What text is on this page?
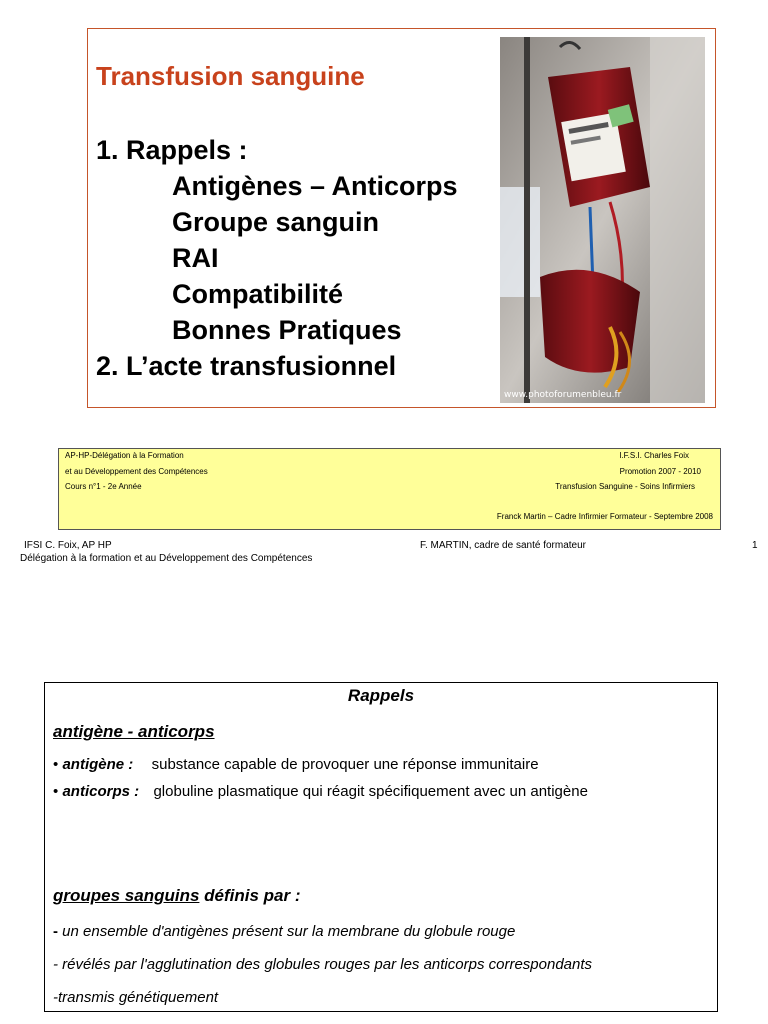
Transfusion sanguine
1. Rappels :
Antigènes – Anticorps
Groupe sanguin
RAI
Compatibilité
Bonnes Pratiques
2. L’acte transfusionnel
www.photoforumenbleu.fr
AP-HP-Délégation à la Formation
et au Développement des Compétences
Cours n°1 - 2e Année
I.F.S.I. Charles Foix
Promotion 2007 - 2010
Transfusion Sanguine - Soins Infirmiers
Franck Martin – Cadre Infirmier Formateur - Septembre 2008
IFSI C. Foix, AP HP
Délégation à la formation et au Développement des Compétences
F. MARTIN, cadre de santé formateur	1
Rappels
antigène - anticorps
• antigène : substance capable de provoquer une réponse immunitaire
• anticorps : globuline plasmatique qui réagit spécifiquement avec un antigène
groupes sanguins définis par :
- un ensemble d'antigènes présent sur la membrane du globule rouge
- révélés par l'agglutination des globules rouges par les anticorps correspondants
-transmis génétiquement
